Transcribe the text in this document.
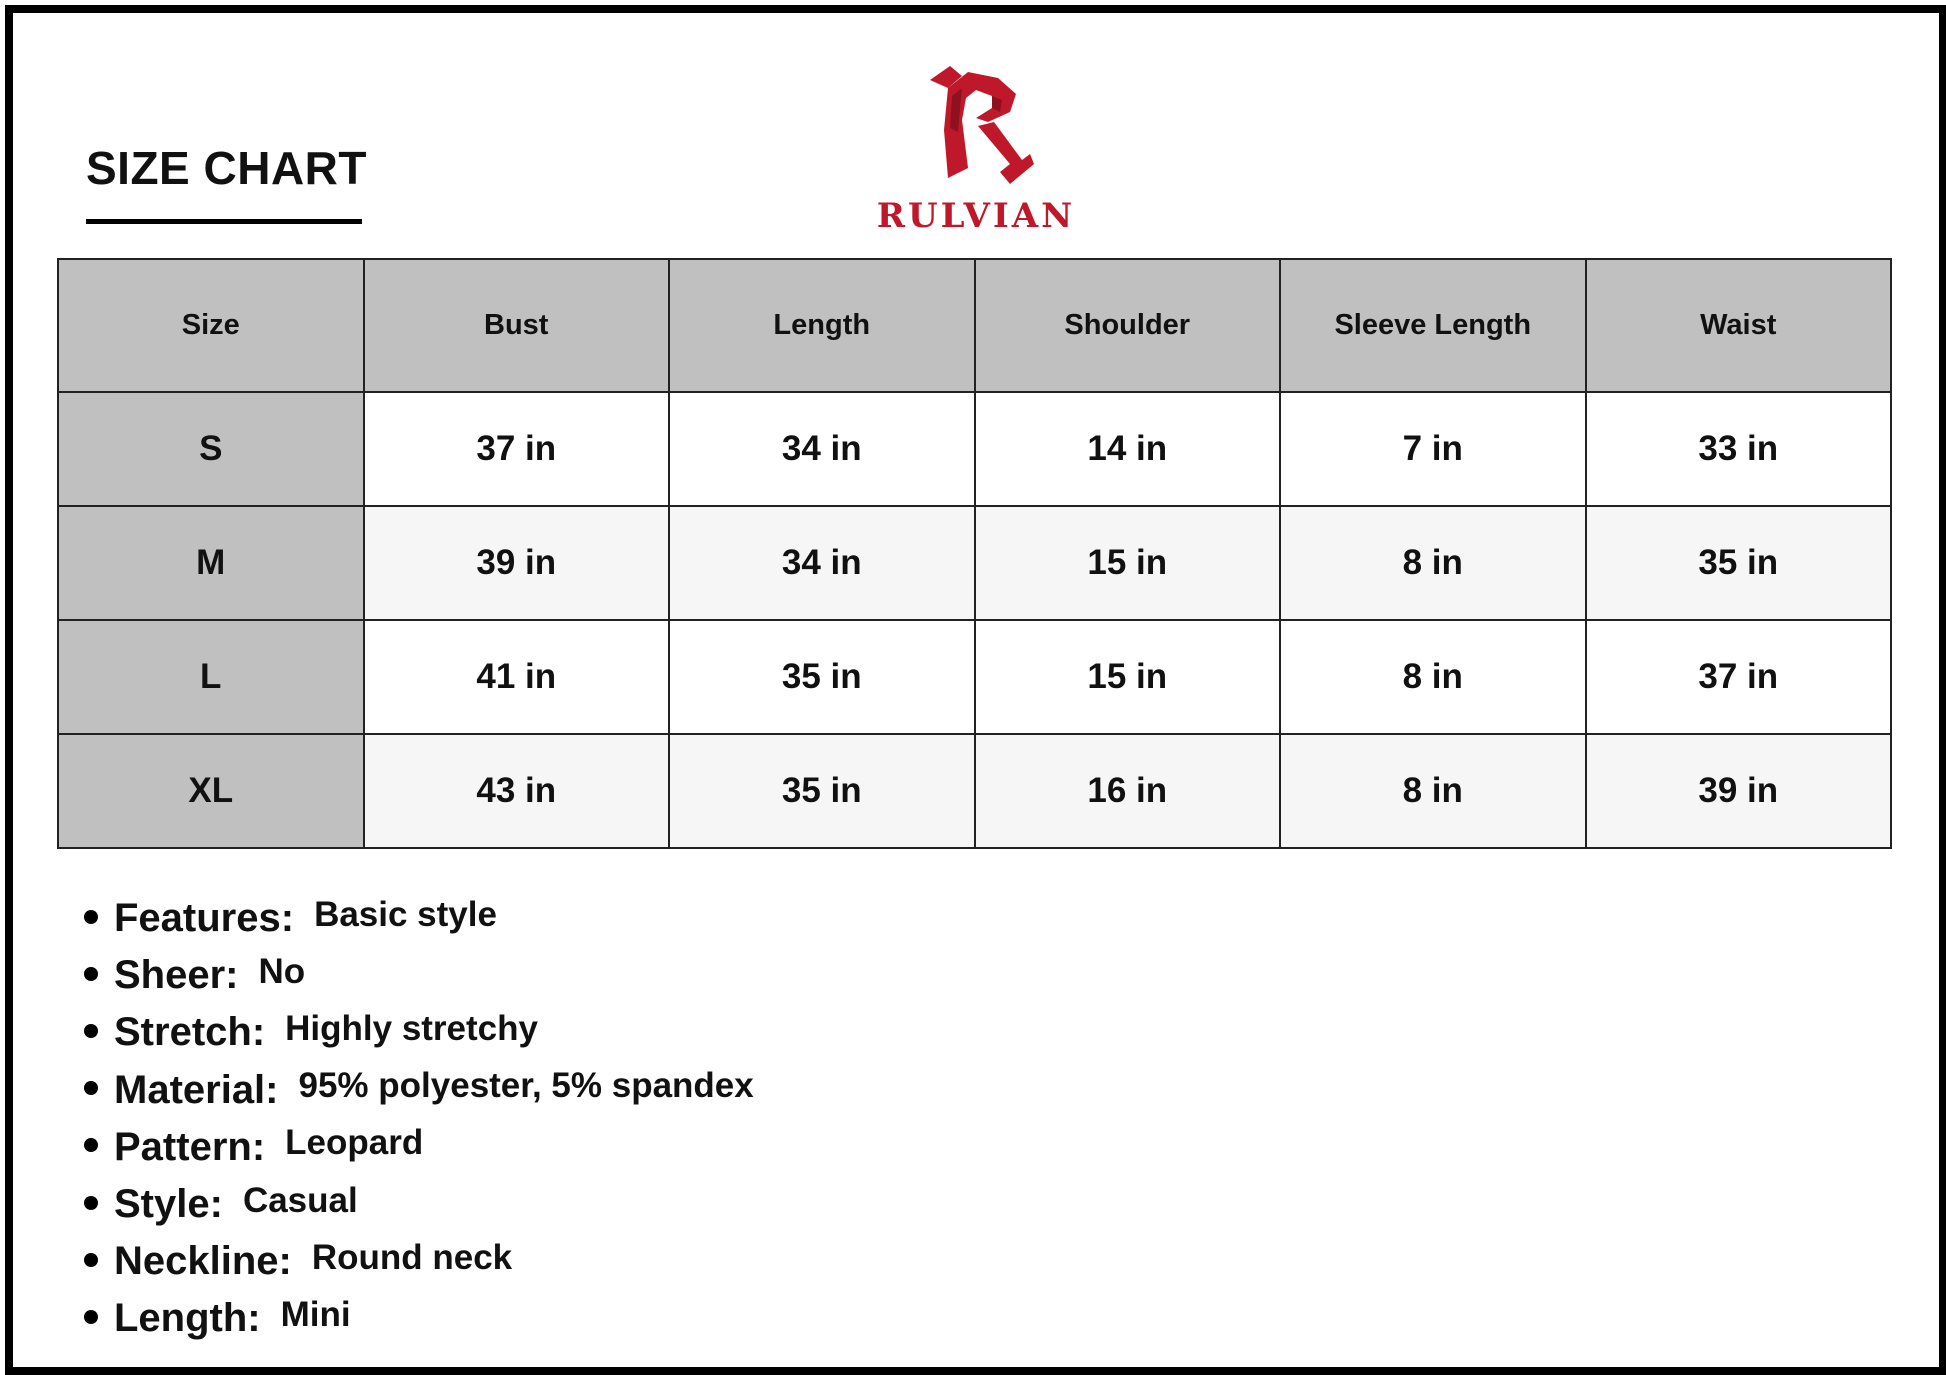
SIZE CHART
RULVIAN
Size	Bust	Length	Shoulder	Sleeve Length	Waist
S	37 in	34 in	14 in	7 in	33 in
M	39 in	34 in	15 in	8 in	35 in
L	41 in	35 in	15 in	8 in	37 in
XL	43 in	35 in	16 in	8 in	39 in
Features: Basic style
Sheer: No
Stretch: Highly stretchy
Material: 95% polyester, 5% spandex
Pattern: Leopard
Style: Casual
Neckline: Round neck
Length: Mini
